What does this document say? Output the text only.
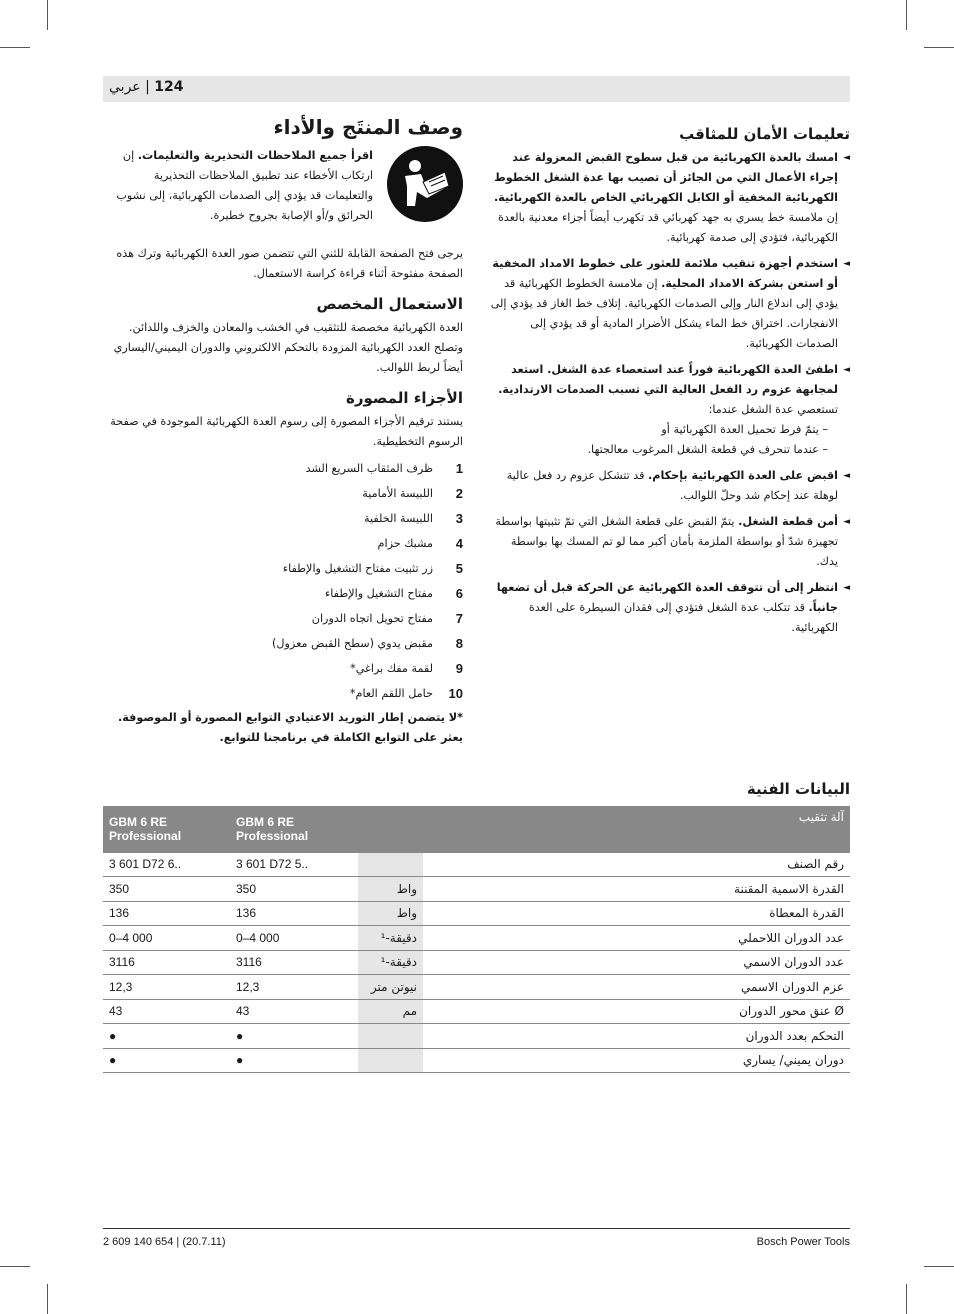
124 | عربي
تعليمات الأمان للمثاقب
◄ امسك بالعدة الكهربائية من قبل سطوح القبض المعزولة عند إجراء الأعمال التي من الجائز أن تصيب بها عدة الشغل الخطوط الكهربائية المخفية أو الكابل الكهربائي الخاص بالعدة الكهربائية. إن ملامسة خط يسري به جهد كهربائي قد تكهرب أيضاً أجزاء معدنية بالعدة الكهربائية، فتؤدي إلى صدمة كهربائية.
◄ استخدم أجهزة تنقيب ملائمة للعثور على خطوط الامداد المخفية أو استعن بشركة الامداد المحلية. إن ملامسة الخطوط الكهربائية قد يؤدي إلى اندلاع النار وإلى الصدمات الكهربائية. إتلاف خط الغاز قد يؤدي إلى الانفجارات. اختراق خط الماء يشكل الأضرار المادية أو قد يؤدي إلى الصدمات الكهربائية.
◄ اطفئ العدة الكهربائية فوراً عند استعصاء عدة الشغل. استعد لمجابهة عزوم رد الفعل العالية التي تسبب الصدمات الارتدادية. تستعصي عدة الشغل عندما:
– يتمّ فرط تحميل العدة الكهربائية أو
– عندما تنحرف في قطعة الشغل المرغوب معالجتها.
◄ اقبض على العدة الكهربائية بإحكام. قد تتشكل عزوم رد فعل عالية لوهلة عند إحكام شد وحلّ اللوالب.
◄ أمن قطعة الشغل. يتمّ القبض على قطعة الشغل التي تمّ تثبيتها بواسطة تجهيزة شدّ أو بواسطة الملزمة بأمان أكبر مما لو تم المسك بها بواسطة يدك.
◄ انتظر إلى أن تتوقف العدة الكهربائية عن الحركة قبل أن تضعها جانباً. قد تتكلب عدة الشغل فتؤدي إلى فقدان السيطرة على العدة الكهربائية.
وصف المنتَج والأداء

اقرأ جميع الملاحظات التحذيرية والتعليمات. إن ارتكاب الأخطاء عند تطبيق الملاحظات التحذيرية والتعليمات قد يؤدي إلى الصدمات الكهربائية، إلى نشوب الحرائق و/أو الإصابة بجروح خطيرة.

يرجى فتح الصفحة القابلة للثني التي تتضمن صور العدة الكهربائية وترك هذه الصفحة مفتوحة أثناء قراءة كراسة الاستعمال.

الاستعمال المخصص

العدة الكهربائية مخصصة للتثقيب في الخشب والمعادن والخزف واللدائن. وتصلح العدد الكهربائية المزودة بالتحكم الالكتروني والدوران اليميني/اليساري أيضاً لربط اللوالب.

الأجزاء المصورة

يستند ترقيم الأجزاء المصورة إلى رسوم العدة الكهربائية الموجودة في صفحة الرسوم التخطيطية.

1
ظرف المثقاب السريع الشد
2
اللبيسة الأمامية
3
اللبيسة الخلفية
4
مشبك حزام
5
زر تثبيت مفتاح التشغيل والإطفاء
6
مفتاح التشغيل والإطفاء
7
مفتاح تحويل اتجاه الدوران
8
مقبض يدوي (سطح القبض معزول)
9
لقمة مفك براغي*
10
حامل اللقم العام*

*لا يتضمن إطار التوريد الاعتيادي التوابع المصورة أو الموصوفة. يعثر على التوابع الكاملة في برنامجنا للتوابع.

البيانات الفنية
GBM 6 RE
Professional	GBM 6 RE
Professional		آلة تثقيب
3 601 D72 6..	3 601 D72 5..		رقم الصنف
350	350	واط	القدرة الاسمية المقننة
136	136	واط	القدرة المعطاة
0–4 000	0–4 000	دقيقة-¹	عدد الدوران اللاحملي
3116	3116	دقيقة-¹	عدد الدوران الاسمي
12,3	12,3	نيوتن متر	عزم الدوران الاسمي
43	43	مم	Ø عنق محور الدوران
●	●		التحكم بعدد الدوران
●	●		دوران يميني/ يساري
2 609 140 654 | (20.7.11)	Bosch Power Tools
